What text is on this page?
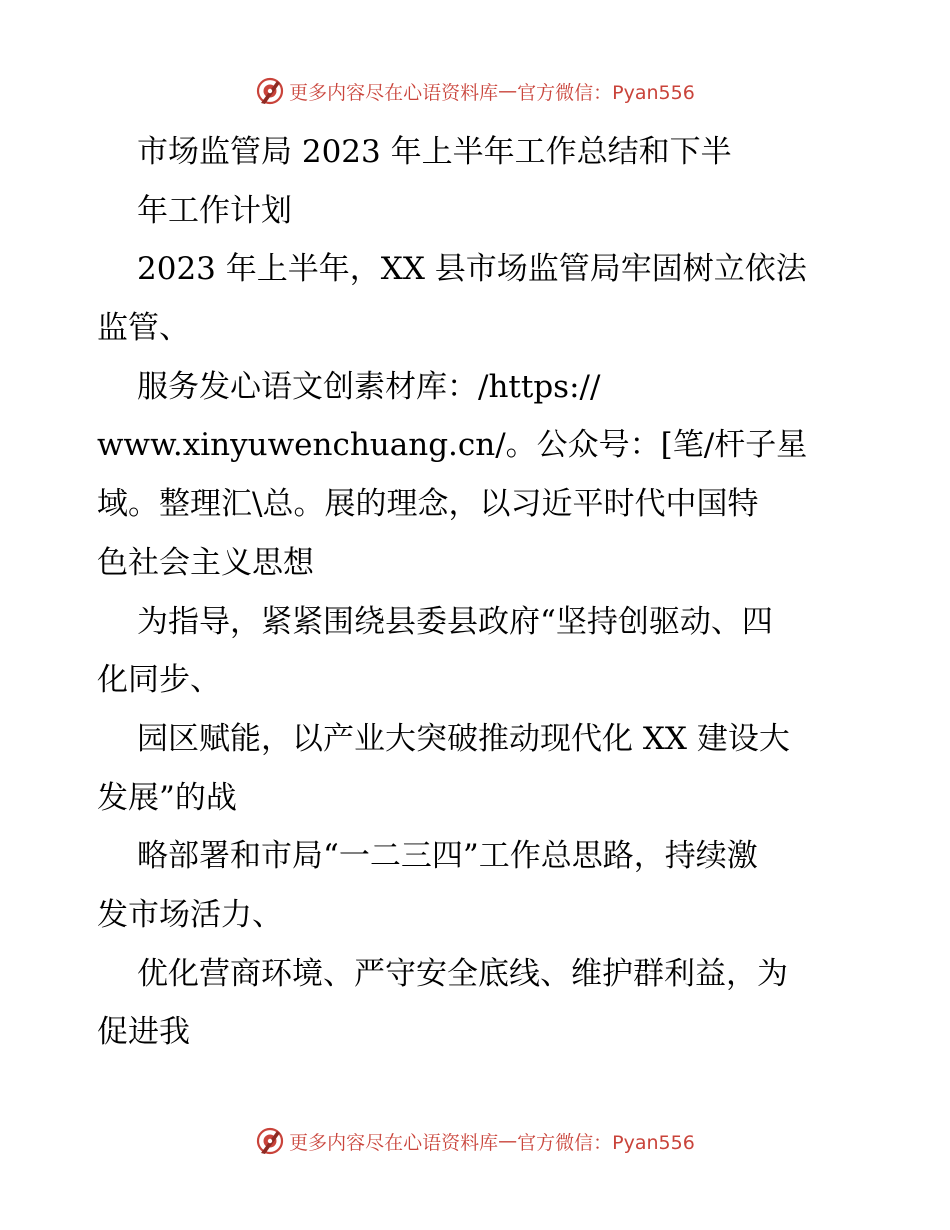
更多内容尽在心语资料库 — 官方微信：Pyan556
市场监管局 2023 年上半年工作总结和下半
年工作计划
2023 年上半年，XX 县市场监管局牢固树立依法
监管、
服务发心语文创素材库：/https://
www.xinyuwenchuang.cn/。公众号：[笔/杆子星
域。整理汇\总。展的理念，以习近平时代中国特
色社会主义思想
为指导，紧紧围绕县委县政府“坚持创驱动、四
化同步、
园区赋能，以产业大突破推动现代化 XX 建设大
发展”的战
略部署和市局“一二三四”工作总思路，持续激
发市场活力、
优化营商环境、严守安全底线、维护群利益，为
促进我
更多内容尽在心语资料库 — 官方微信：Pyan556
